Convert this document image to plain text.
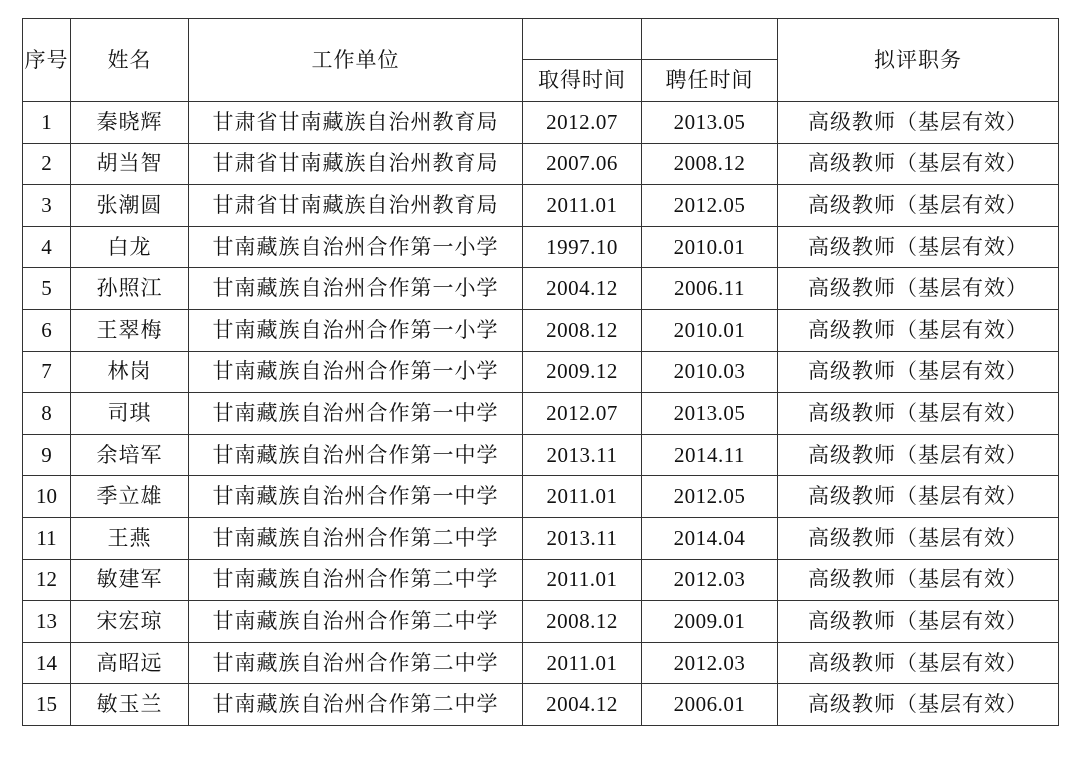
序号	姓名	工作单位			拟评职务
			取得时间	聘任时间	
1	秦晓辉	甘肃省甘南藏族自治州教育局	2012.07	2013.05	高级教师（基层有效）
2	胡当智	甘肃省甘南藏族自治州教育局	2007.06	2008.12	高级教师（基层有效）
3	张潮圆	甘肃省甘南藏族自治州教育局	2011.01	2012.05	高级教师（基层有效）
4	白龙	甘南藏族自治州合作第一小学	1997.10	2010.01	高级教师（基层有效）
5	孙照江	甘南藏族自治州合作第一小学	2004.12	2006.11	高级教师（基层有效）
6	王翠梅	甘南藏族自治州合作第一小学	2008.12	2010.01	高级教师（基层有效）
7	林岗	甘南藏族自治州合作第一小学	2009.12	2010.03	高级教师（基层有效）
8	司琪	甘南藏族自治州合作第一中学	2012.07	2013.05	高级教师（基层有效）
9	余培军	甘南藏族自治州合作第一中学	2013.11	2014.11	高级教师（基层有效）
10	季立雄	甘南藏族自治州合作第一中学	2011.01	2012.05	高级教师（基层有效）
11	王燕	甘南藏族自治州合作第二中学	2013.11	2014.04	高级教师（基层有效）
12	敏建军	甘南藏族自治州合作第二中学	2011.01	2012.03	高级教师（基层有效）
13	宋宏琼	甘南藏族自治州合作第二中学	2008.12	2009.01	高级教师（基层有效）
14	高昭远	甘南藏族自治州合作第二中学	2011.01	2012.03	高级教师（基层有效）
15	敏玉兰	甘南藏族自治州合作第二中学	2004.12	2006.01	高级教师（基层有效）
